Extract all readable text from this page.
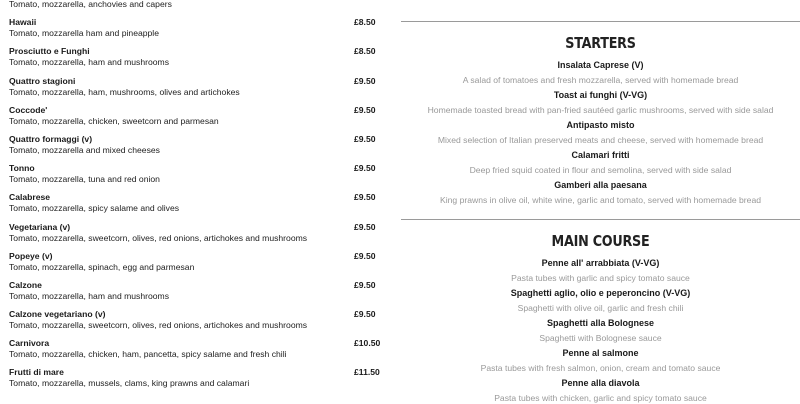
Tomato, mozzarella, anchovies and capers
Hawaii
Tomato, mozzarella ham and pineapple
£8.50
Prosciutto e Funghi
Tomato, mozzarella, ham and mushrooms
£8.50
Quattro stagioni
Tomato, mozzarella, ham, mushrooms, olives and artichokes
£9.50
Coccode'
Tomato, mozzarella, chicken, sweetcorn and parmesan
£9.50
Quattro formaggi (v)
Tomato, mozzarella and mixed cheeses
£9.50
Tonno
Tomato, mozzarella, tuna and red onion
£9.50
Calabrese
Tomato, mozzarella, spicy salame and olives
£9.50
Vegetariana (v)
Tomato, mozzarella, sweetcorn, olives, red onions, artichokes and mushrooms
£9.50
Popeye (v)
Tomato, mozzarella, spinach, egg and parmesan
£9.50
Calzone
Tomato, mozzarella, ham and mushrooms
£9.50
Calzone vegetariano (v)
Tomato, mozzarella, sweetcorn, olives, red onions, artichokes and mushrooms
£9.50
Carnivora
Tomato, mozzarella, chicken, ham, pancetta, spicy salame and fresh chili
£10.50
Frutti di mare
Tomato, mozzarella, mussels, clams, king prawns and calamari
£11.50
STARTERS
Insalata Caprese (V)
A salad of tomatoes and fresh mozzarella, served with homemade bread
Toast ai funghi (V-VG)
Homemade toasted bread with pan-fried sautéed garlic mushrooms, served with side salad
Antipasto misto
Mixed selection of Italian preserved meats and cheese, served with homemade bread
Calamari fritti
Deep fried squid coated in flour and semolina, served with side salad
Gamberi alla paesana
King prawns in olive oil, white wine, garlic and tomato, served with homemade bread
MAIN COURSE
Penne all' arrabbiata (V-VG)
Pasta tubes with garlic and spicy tomato sauce
Spaghetti aglio, olio e peperoncino (V-VG)
Spaghetti with olive oil, garlic and fresh chili
Spaghetti alla Bolognese
Spaghetti with Bolognese sauce
Penne al salmone
Pasta tubes with fresh salmon, onion, cream and tomato sauce
Penne alla diavola
Pasta tubes with chicken, garlic and spicy tomato sauce
